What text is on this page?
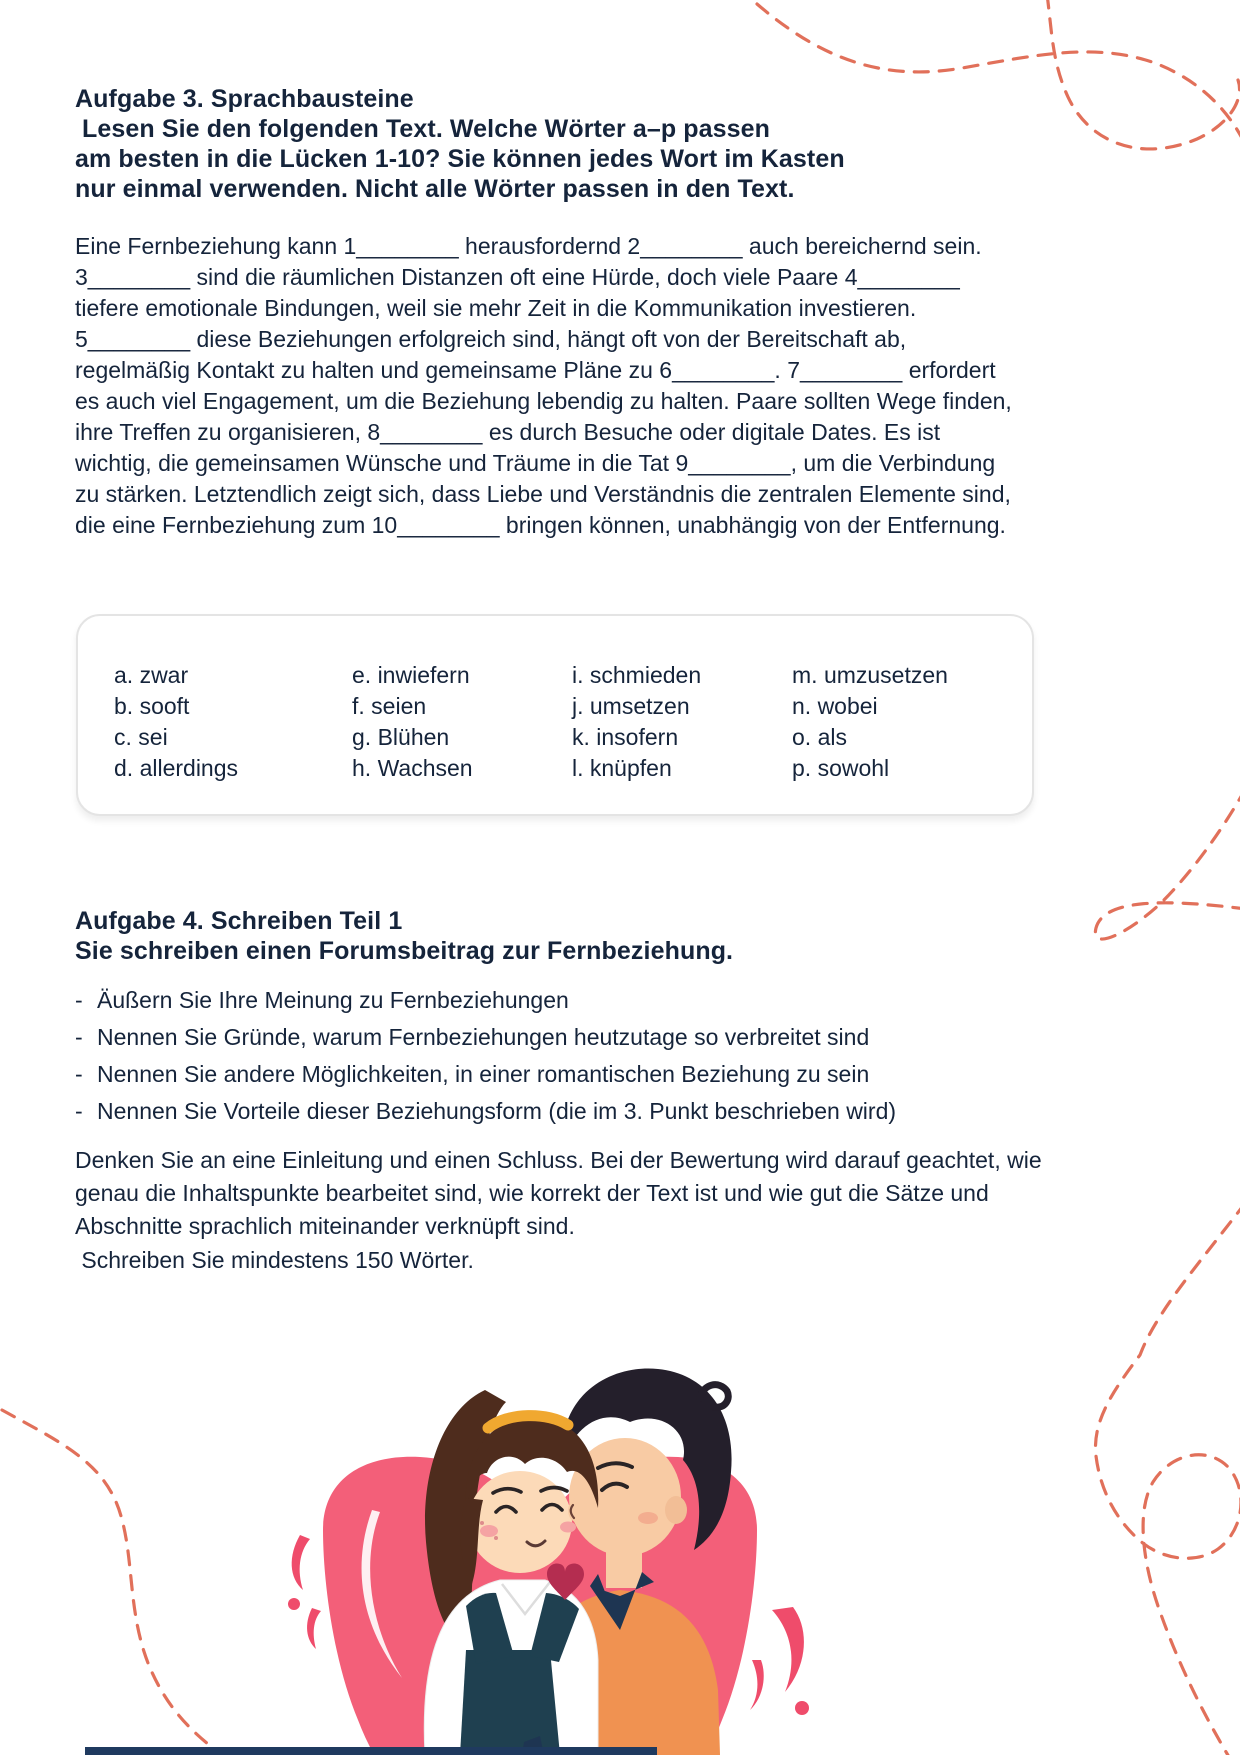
Aufgabe 3. Sprachbausteine
Lesen Sie den folgenden Text. Welche Wörter a–p passen
am besten in die Lücken 1-10? Sie können jedes Wort im Kasten
nur einmal verwenden. Nicht alle Wörter passen in den Text.
Eine Fernbeziehung kann 1________ herausfordernd 2________ auch bereichernd sein. 3________ sind die räumlichen Distanzen oft eine Hürde, doch viele Paare 4________ tiefere emotionale Bindungen, weil sie mehr Zeit in die Kommunikation investieren. 5________ diese Beziehungen erfolgreich sind, hängt oft von der Bereitschaft ab, regelmäßig Kontakt zu halten und gemeinsame Pläne zu 6________. 7________ erfordert es auch viel Engagement, um die Beziehung lebendig zu halten. Paare sollten Wege finden, ihre Treffen zu organisieren, 8________ es durch Besuche oder digitale Dates. Es ist wichtig, die gemeinsamen Wünsche und Träume in die Tat 9________, um die Verbindung zu stärken. Letztendlich zeigt sich, dass Liebe und Verständnis die zentralen Elemente sind, die eine Fernbeziehung zum 10________ bringen können, unabhängig von der Entfernung.
a. zwar
b. sooft
c. sei
d. allerdings
e. inwiefern
f. seien
g. Blühen
h. Wachsen
i. schmieden
j. umsetzen
k. insofern
l. knüpfen
m. umzusetzen
n. wobei
o. als
p. sowohl
Aufgabe 4. Schreiben Teil 1
Sie schreiben einen Forumsbeitrag zur Fernbeziehung.
- Äußern Sie Ihre Meinung zu Fernbeziehungen
- Nennen Sie Gründe, warum Fernbeziehungen heutzutage so verbreitet sind
- Nennen Sie andere Möglichkeiten, in einer romantischen Beziehung zu sein
- Nennen Sie Vorteile dieser Beziehungsform (die im 3. Punkt beschrieben wird)
Denken Sie an eine Einleitung und einen Schluss. Bei der Bewertung wird darauf geachtet, wie genau die Inhaltspunkte bearbeitet sind, wie korrekt der Text ist und wie gut die Sätze und Abschnitte sprachlich miteinander verknüpft sind.
Schreiben Sie mindestens 150 Wörter.
